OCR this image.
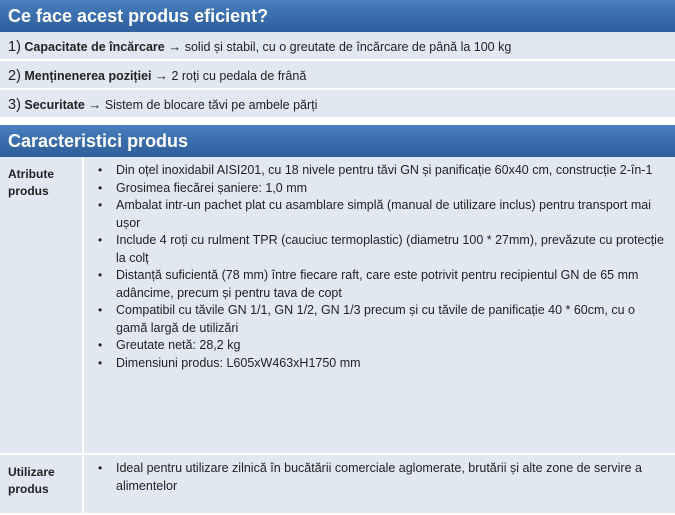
Ce face acest produs eficient?
1) Capacitate de încărcare → solid și stabil, cu o greutate de încărcare de până la 100 kg
2) Menținenerea poziției → 2 roți cu pedala de frână
3) Securitate → Sistem de blocare tăvi pe ambele părți
Caracteristici produs
Atribute
produs
• Din oțel inoxidabil AISI201, cu 18 nivele pentru tăvi GN și panificație 60x40 cm, construcție 2-în-1
• Grosimea fiecărei șaniere: 1,0 mm
• Ambalat intr-un pachet plat cu asamblare simplă (manual de utilizare inclus) pentru transport mai ușor
• Include 4 roți cu rulment TPR (cauciuc termoplastic) (diametru 100 * 27mm), prevăzute cu protecție la colț
• Distanță suficientă (78 mm) între fiecare raft, care este potrivit pentru recipientul GN de 65 mm adâncime, precum și pentru tava de copt
• Compatibil cu tăvile GN 1/1, GN 1/2, GN 1/3 precum și cu tăvile de panificație 40 * 60cm, cu o gamă largă de utilizări
• Greutate netă: 28,2 kg
• Dimensiuni produs: L605xW463xH1750 mm
Utilizare
produs
• Ideal pentru utilizare zilnică în bucătării comerciale aglomerate, brutării și alte zone de servire a alimentelor
